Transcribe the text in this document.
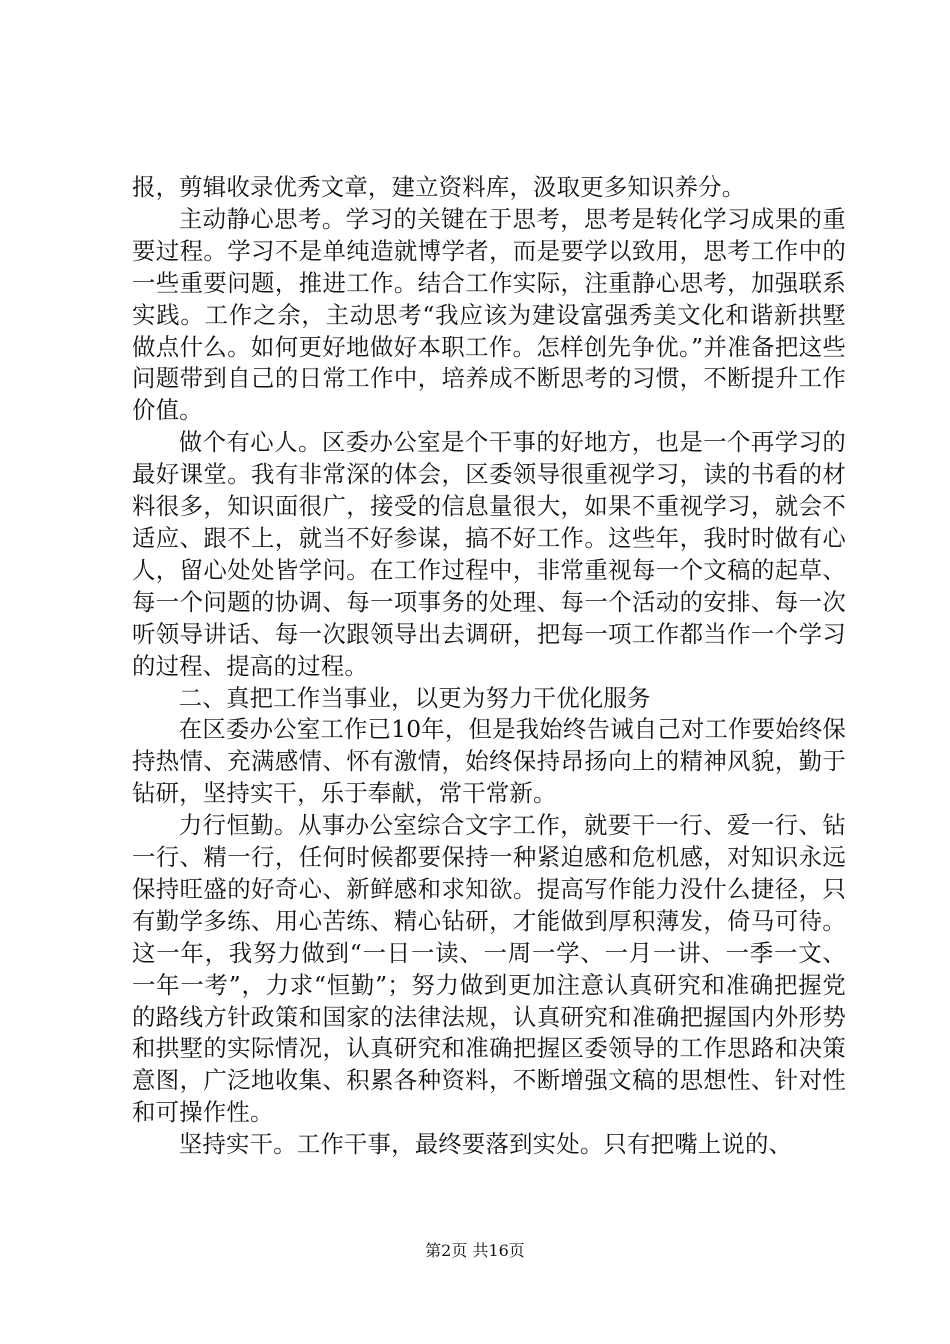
报，剪辑收录优秀文章，建立资料库，汲取更多知识养分。

主动静心思考。学习的关键在于思考，思考是转化学习成果的重要过程。学习不是单纯造就博学者，而是要学以致用，思考工作中的一些重要问题，推进工作。结合工作实际，注重静心思考，加强联系实践。工作之余，主动思考“我应该为建设富强秀美文化和谐新拱墅做点什么。如何更好地做好本职工作。怎样创先争优。”并准备把这些问题带到自己的日常工作中，培养成不断思考的习惯，不断提升工作价值。

做个有心人。区委办公室是个干事的好地方，也是一个再学习的最好课堂。我有非常深的体会，区委领导很重视学习，读的书看的材料很多，知识面很广，接受的信息量很大，如果不重视学习，就会不适应、跟不上，就当不好参谋，搞不好工作。这些年，我时时做有心人，留心处处皆学问。在工作过程中，非常重视每一个文稿的起草、每一个问题的协调、每一项事务的处理、每一个活动的安排、每一次听领导讲话、每一次跟领导出去调研，把每一项工作都当作一个学习的过程、提高的过程。

二、真把工作当事业，以更为努力干优化服务

在区委办公室工作已10年，但是我始终告诫自己对工作要始终保持热情、充满感情、怀有激情，始终保持昂扬向上的精神风貌，勤于钻研，坚持实干，乐于奉献，常干常新。

力行恒勤。从事办公室综合文字工作，就要干一行、爱一行、钻一行、精一行，任何时候都要保持一种紧迫感和危机感，对知识永远保持旺盛的好奇心、新鲜感和求知欲。提高写作能力没什么捷径，只有勤学多练、用心苦练、精心钻研，才能做到厚积薄发，倚马可待。这一年，我努力做到“一日一读、一周一学、一月一讲、一季一文、一年一考”，力求“恒勤”；努力做到更加注意认真研究和准确把握党的路线方针政策和国家的法律法规，认真研究和准确把握国内外形势和拱墅的实际情况，认真研究和准确把握区委领导的工作思路和决策意图，广泛地收集、积累各种资料，不断增强文稿的思想性、针对性和可操作性。

坚持实干。工作干事，最终要落到实处。只有把嘴上说的、

第2页 共16页
